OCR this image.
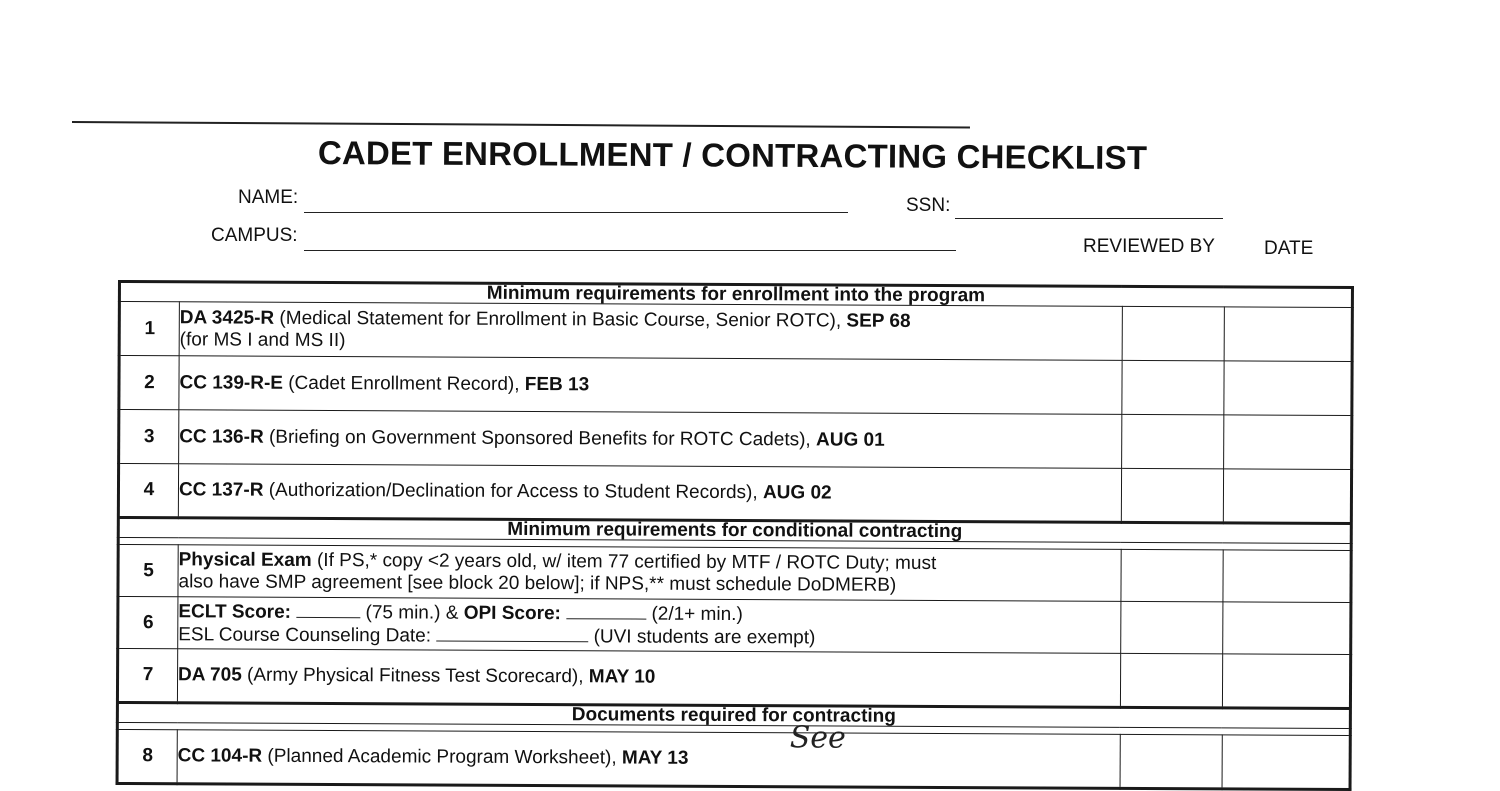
CADET ENROLLMENT / CONTRACTING CHECKLIST
NAME:	SSN:
CAMPUS:
REVIEWED BY	DATE
Minimum requirements for enrollment into the program			
1	DA 3425-R (Medical Statement for Enrollment in Basic Course, Senior ROTC), SEP 68
(for MS I and MS II)		
2	CC 139-R-E (Cadet Enrollment Record), FEB 13		
3	CC 136-R (Briefing on Government Sponsored Benefits for ROTC Cadets), AUG 01		
4	CC 137-R (Authorization/Declination for Access to Student Records), AUG 02		
Minimum requirements for conditional contracting			

5	Physical Exam (If PS,* copy <2 years old, w/ item 77 certified by MTF / ROTC Duty; must
also have SMP agreement [see block 20 below]; if NPS,** must schedule DoDMERB)		
6	ECLT Score: (75 min.) & OPI Score: (2/1+ min.)
ESL Course Counseling Date: (UVI students are exempt)		
7	DA 705 (Army Physical Fitness Test Scorecard), MAY 10		
Documents required for contracting			

8	CC 104-R (Planned Academic Program Worksheet), MAY 13
See		
